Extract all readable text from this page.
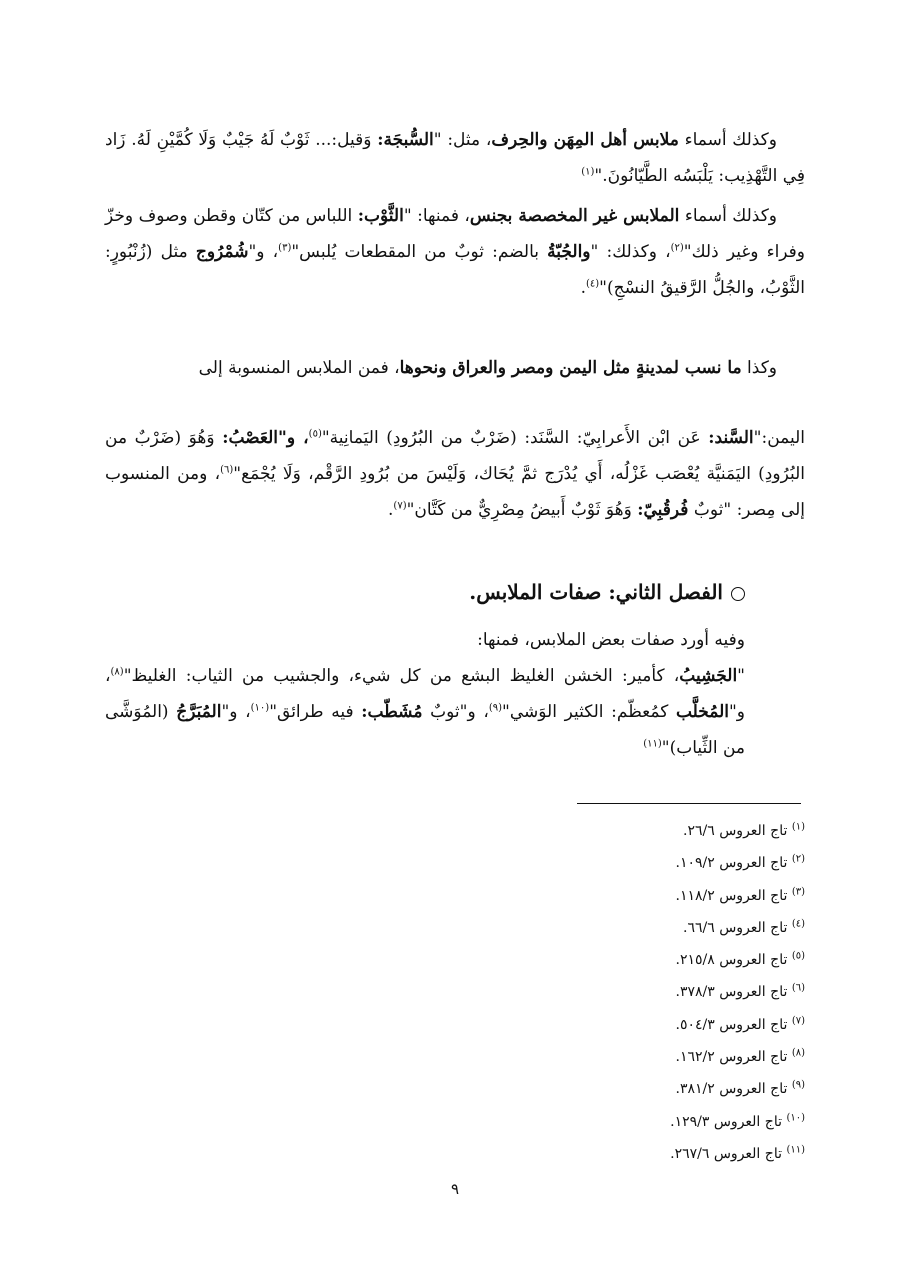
وكذلك أسماء ملابس أهل المِهَن والحِرف، مثل: "السُّبجَة: وَقيل:... ثَوْبٌ لَهُ جَيْبٌ وَلَا كُمَّيْنِ لَهُ. زَاد فِي التَّهْذِيب: يَلْبَسُه الطَّيّانُونَ."$^{(١)}$

وكذلك أسماء الملابس غير المخصصة بجنس، فمنها: "الثَّوْب: اللباس من كتّان وقطن وصوف وخزّ وفراء وغير ذلك"$^{(٢)}$، وكذلك: "والجُبّةُ بالضم: ثوبٌ من المقطعات يُلبس"$^{(٣)}$، و"شُمْرُوج مثل (زُنْبُورٍ: الثَّوْبُ، والجُلُّ الرَّقيقُ النسْجِ)"$^{(٤)}$.

وكذا ما نسب لمدينةٍ مثل اليمن ومصر والعراق ونحوها، فمن الملابس المنسوبة إلى

اليمن:"السَّند: عَن ابْن الأَعرابِيّ: السَّنَد: (ضَرْبٌ من البُرُودِ) اليَمانِية"$^{(٥)}$، و"العَصْبُ: وَهُوَ (ضَرْبٌ من البُرُودِ) اليَمَنيَّة يُعْصَب غَزْلُه، أَي يُدْرَج ثمَّ يُحَاك، وَلَيْسَ من بُرُودِ الرَّقْم، وَلَا يُجْمَع"$^{(٦)}$، ومن المنسوب إلى مِصر: "ثوبٌ فُرقُبِيّ: وَهُوَ ثَوْبٌ أَبيضُ مِصْرِيٌّ من كَتَّان"$^{(٧)}$.

الفصل الثاني: صفات الملابس.

وفيه أورد صفات بعض الملابس، فمنها:

"الجَشِيبُ، كأمير: الخشن الغليظ البشع من كل شيء، والجشيب من الثياب: الغليظ"$^{(٨)}$، و"المُخلَّب كمُعظّم: الكثير الوَشي"$^{(٩)}$، و"ثوبٌ مُشَطّب: فيه طرائق"$^{(١٠)}$، و"المُبَرَّجُ (المُوَشَّى من الثِّياب)"$^{(١١)}$

$^{(١)}$ تاج العروس ٢٦/٦.
$^{(٢)}$ تاج العروس ١٠٩/٢.
$^{(٣)}$ تاج العروس ١١٨/٢.
$^{(٤)}$ تاج العروس ٦٦/٦.
$^{(٥)}$ تاج العروس ٢١٥/٨.
$^{(٦)}$ تاج العروس ٣٧٨/٣.
$^{(٧)}$ تاج العروس ٥٠٤/٣.
$^{(٨)}$ تاج العروس ١٦٢/٢.
$^{(٩)}$ تاج العروس ٣٨١/٢.
$^{(١٠)}$ تاج العروس ١٢٩/٣.
$^{(١١)}$ تاج العروس ٢٦٧/٦.
٩
